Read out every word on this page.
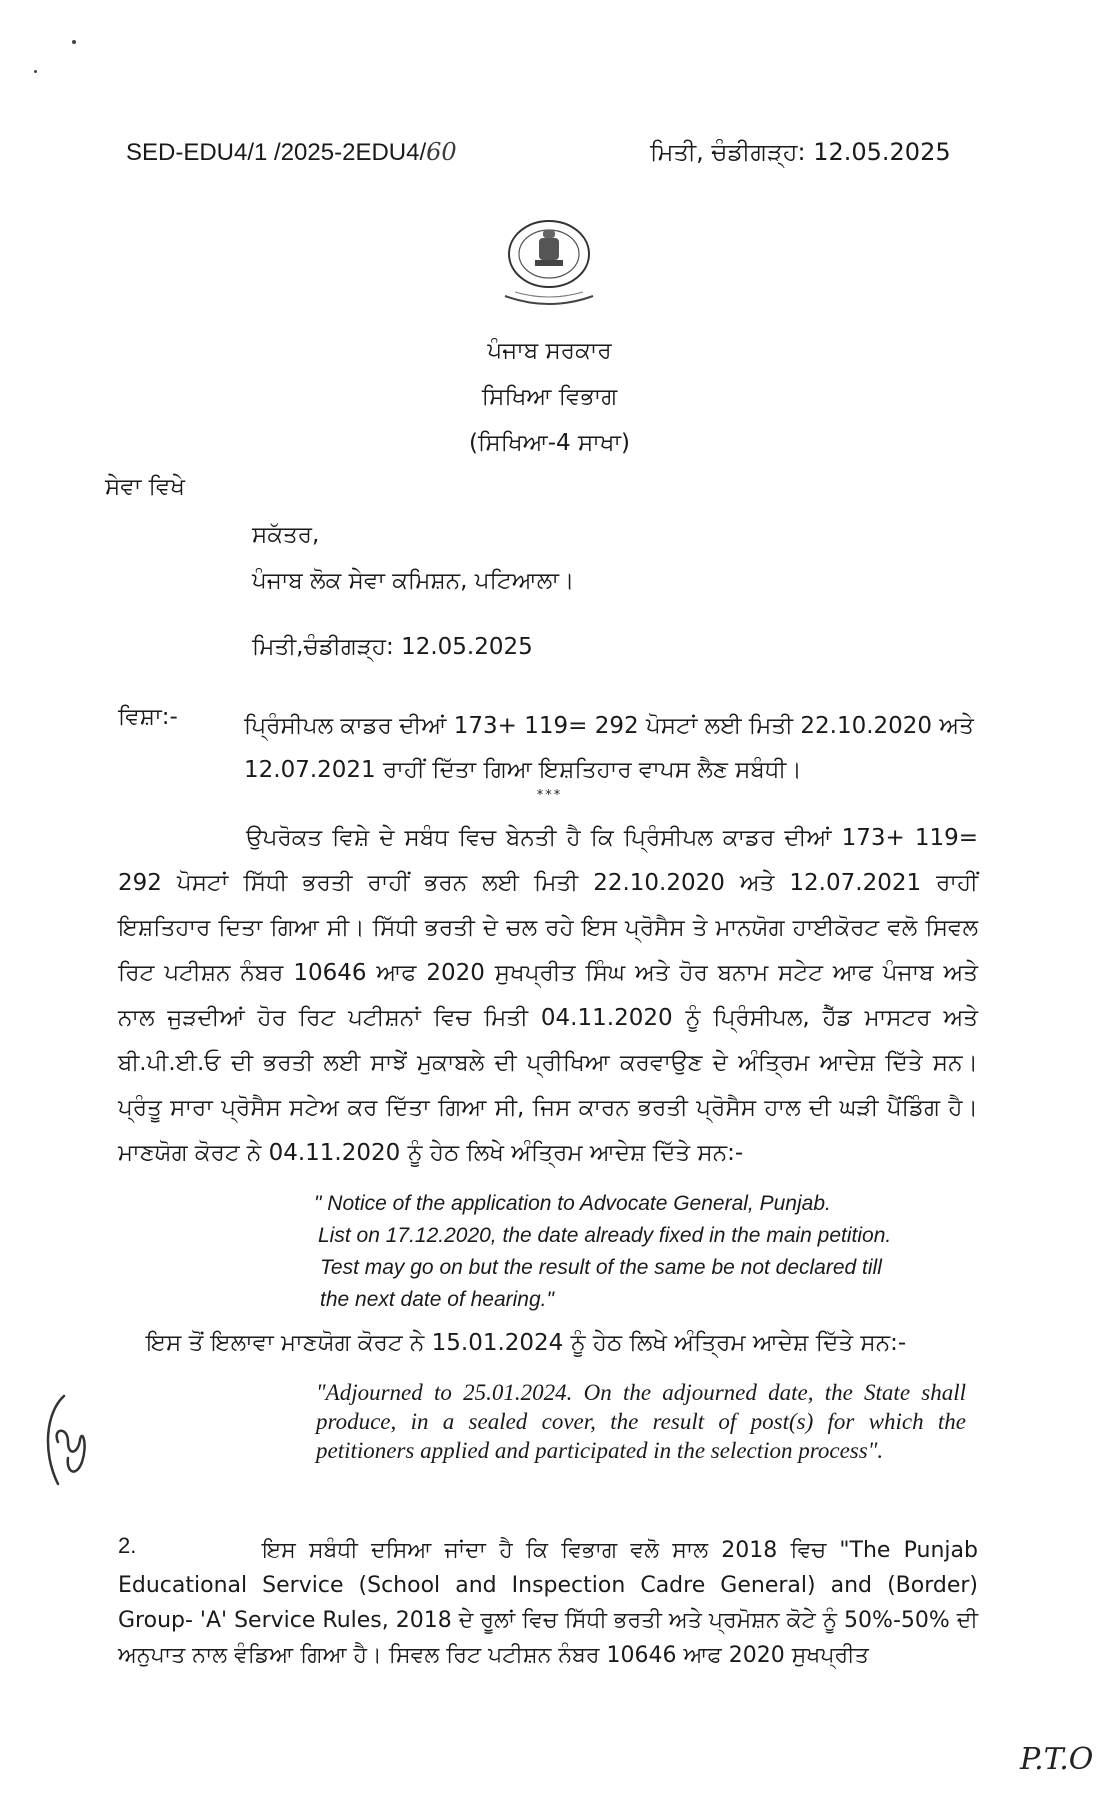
SED-EDU4/1 /2025-2EDU4/60	ਮਿਤੀ, ਚੰਡੀਗੜ੍ਹ: 12.05.2025
ਪੰਜਾਬ ਸਰਕਾਰ
ਸਿਖਿਆ ਵਿਭਾਗ
(ਸਿਖਿਆ-4 ਸਾਖਾ)
ਸੇਵਾ ਵਿਖੇ
ਸਕੱਤਰ,
ਪੰਜਾਬ ਲੋਕ ਸੇਵਾ ਕਮਿਸ਼ਨ, ਪਟਿਆਲਾ।
ਮਿਤੀ,ਚੰਡੀਗੜ੍ਹ: 12.05.2025
ਵਿਸ਼ਾ:-	ਪ੍ਰਿੰਸੀਪਲ ਕਾਡਰ ਦੀਆਂ 173+ 119= 292 ਪੋਸਟਾਂ ਲਈ ਮਿਤੀ 22.10.2020 ਅਤੇ 12.07.2021 ਰਾਹੀਂ ਦਿੱਤਾ ਗਿਆ ਇਸ਼ਤਿਹਾਰ ਵਾਪਸ ਲੈਣ ਸਬੰਧੀ।
***

ਉਪਰੋਕਤ ਵਿਸ਼ੇ ਦੇ ਸਬੰਧ ਵਿਚ ਬੇਨਤੀ ਹੈ ਕਿ ਪ੍ਰਿੰਸੀਪਲ ਕਾਡਰ ਦੀਆਂ 173+ 119= 292 ਪੋਸਟਾਂ ਸਿੱਧੀ ਭਰਤੀ ਰਾਹੀਂ ਭਰਨ ਲਈ ਮਿਤੀ 22.10.2020 ਅਤੇ 12.07.2021 ਰਾਹੀਂ ਇਸ਼ਤਿਹਾਰ ਦਿਤਾ ਗਿਆ ਸੀ। ਸਿੱਧੀ ਭਰਤੀ ਦੇ ਚਲ ਰਹੇ ਇਸ ਪ੍ਰੋਸੈਸ ਤੇ ਮਾਨਯੋਗ ਹਾਈਕੋਰਟ ਵਲੋ ਸਿਵਲ ਰਿਟ ਪਟੀਸ਼ਨ ਨੰਬਰ 10646 ਆਫ 2020 ਸੁਖਪ੍ਰੀਤ ਸਿੰਘ ਅਤੇ ਹੋਰ ਬਨਾਮ ਸਟੇਟ ਆਫ ਪੰਜਾਬ ਅਤੇ ਨਾਲ ਜੁੜਦੀਆਂ ਹੋਰ ਰਿਟ ਪਟੀਸ਼ਨਾਂ ਵਿਚ ਮਿਤੀ 04.11.2020 ਨੂੰ ਪ੍ਰਿੰਸੀਪਲ, ਹੈੱਡ ਮਾਸਟਰ ਅਤੇ ਬੀ.ਪੀ.ਈ.ਓ ਦੀ ਭਰਤੀ ਲਈ ਸਾਝੇਂ ਮੁਕਾਬਲੇ ਦੀ ਪ੍ਰੀਖਿਆ ਕਰਵਾਉਣ ਦੇ ਅੰਤ੍ਰਿਮ ਆਦੇਸ਼ ਦਿੱਤੇ ਸਨ। ਪ੍ਰੰਤੂ ਸਾਰਾ ਪ੍ਰੋਸੈਸ ਸਟੇਅ ਕਰ ਦਿੱਤਾ ਗਿਆ ਸੀ, ਜਿਸ ਕਾਰਨ ਭਰਤੀ ਪ੍ਰੋਸੈਸ ਹਾਲ ਦੀ ਘੜੀ ਪੈਂਡਿੰਗ ਹੈ। ਮਾਣਯੋਗ ਕੋਰਟ ਨੇ 04.11.2020 ਨੂੰ ਹੇਠ ਲਿਖੇ ਅੰਤ੍ਰਿਮ ਆਦੇਸ਼ ਦਿੱਤੇ ਸਨ:-

" Notice of the application to Advocate General, Punjab.
List on 17.12.2020, the date already fixed in the main petition.
Test may go on but the result of the same be not declared till
the next date of hearing."
ਇਸ ਤੋਂ ਇਲਾਵਾ ਮਾਣਯੋਗ ਕੋਰਟ ਨੇ 15.01.2024 ਨੂੰ ਹੇਠ ਲਿਖੇ ਅੰਤ੍ਰਿਮ ਆਦੇਸ਼ ਦਿੱਤੇ ਸਨ:-

"Adjourned to 25.01.2024. On the adjourned date, the State shall produce, in a sealed cover, the result of post(s) for which the petitioners applied and participated in the selection process".

2.	ਇਸ ਸਬੰਧੀ ਦਸਿਆ ਜਾਂਦਾ ਹੈ ਕਿ ਵਿਭਾਗ ਵਲੋ ਸਾਲ 2018 ਵਿਚ "The Punjab Educational Service (School and Inspection Cadre General) and (Border) Group- 'A' Service Rules, 2018 ਦੇ ਰੂਲਾਂ ਵਿਚ ਸਿੱਧੀ ਭਰਤੀ ਅਤੇ ਪ੍ਰਮੋਸ਼ਨ ਕੋਟੇ ਨੂੰ 50%-50% ਦੀ ਅਨੁਪਾਤ ਨਾਲ ਵੰਡਿਆ ਗਿਆ ਹੈ। ਸਿਵਲ ਰਿਟ ਪਟੀਸ਼ਨ ਨੰਬਰ 10646 ਆਫ 2020 ਸੁਖਪ੍ਰੀਤ

P.T.O
